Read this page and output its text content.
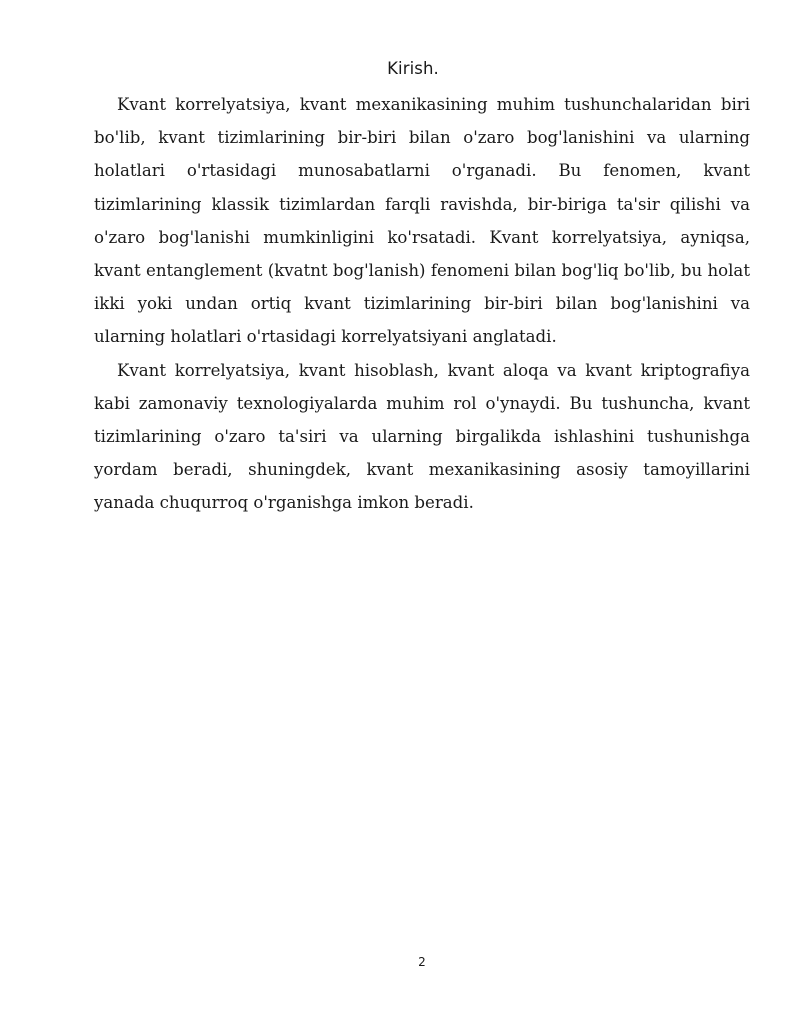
Kirish.

Kvant korrelyatsiya, kvant mexanikasining muhim tushunchalaridan biri bo'lib, kvant tizimlarining bir-biri bilan o'zaro bog'lanishini va ularning holatlari o'rtasidagi munosabatlarni o'rganadi. Bu fenomen, kvant tizimlarining klassik tizimlardan farqli ravishda, bir-biriga ta'sir qilishi va o'zaro bog'lanishi mumkinligini ko'rsatadi. Kvant korrelyatsiya, ayniqsa, kvant entanglement (kvatnt bog'lanish) fenomeni bilan bog'liq bo'lib, bu holat ikki yoki undan ortiq kvant tizimlarining bir-biri bilan bog'lanishini va ularning holatlari o'rtasidagi korrelyatsiyani anglatadi.

Kvant korrelyatsiya, kvant hisoblash, kvant aloqa va kvant kriptografiya kabi zamonaviy texnologiyalarda muhim rol o'ynaydi. Bu tushuncha, kvant tizimlarining o'zaro ta'siri va ularning birgalikda ishlashini tushunishga yordam beradi, shuningdek, kvant mexanikasining asosiy tamoyillarini yanada chuqurroq o'rganishga imkon beradi.

2
